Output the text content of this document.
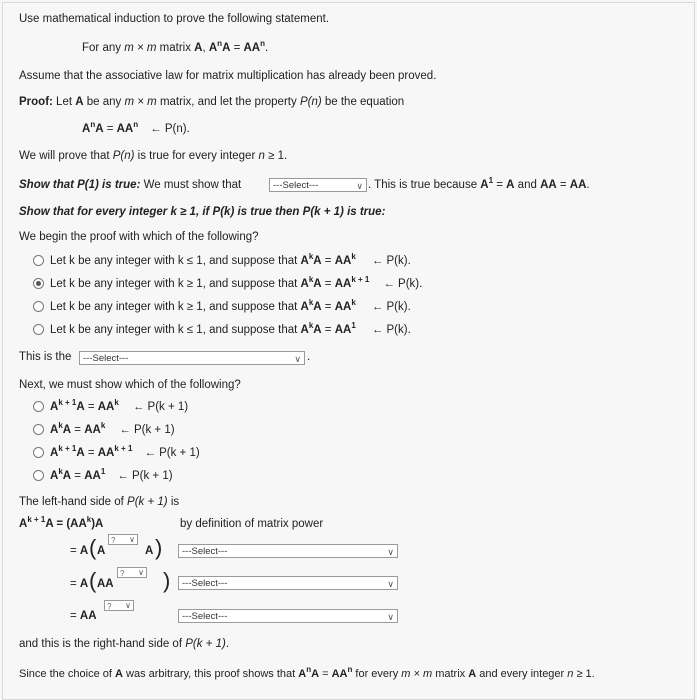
Use mathematical induction to prove the following statement.
For any m × m matrix A, $A^nA = AA^n$.
Assume that the associative law for matrix multiplication has already been proved.
Proof: Let A be any m × m matrix, and let the property P(n) be the equation
$A^nA = AA^n$ ← P(n).
We will prove that P(n) is true for every integer n ≥ 1.
Show that P(1) is true: We must show that	---Select---	∨ . This is true because $A^1 = A$ and AA = AA.
Show that for every integer k ≥ 1, if P(k) is true then P(k + 1) is true:
We begin the proof with which of the following?
Let k be any integer with k ≤ 1, and suppose that $A^kA = AA^k$ ← P(k).
Let k be any integer with k ≥ 1, and suppose that $A^kA = AA^{k + 1}$ ← P(k).
Let k be any integer with k ≥ 1, and suppose that $A^kA = AA^k$ ← P(k).
Let k be any integer with k ≤ 1, and suppose that $A^kA = AA^1$ ← P(k).
This is the	---Select---	∨ .
Next, we must show which of the following?
$A^{k + 1}A = AA^k$ ← P(k + 1)
$A^kA = AA^k$ ← P(k + 1)
$A^{k + 1}A = AA^{k + 1}$ ← P(k + 1)
$A^kA = AA^1$ ← P(k + 1)
The left-hand side of P(k + 1) is
$A^{k + 1}A = (AA^k)A$	by definition of matrix power
= A ( A
? ∨
A )	---Select---	∨
= A ( AA
? ∨ )	---Select---	∨
= AA
? ∨
---Select---	∨
and this is the right-hand side of P(k + 1).
Since the choice of A was arbitrary, this proof shows that $A^nA = AA^n$ for every m × m matrix A and every integer n ≥ 1.
